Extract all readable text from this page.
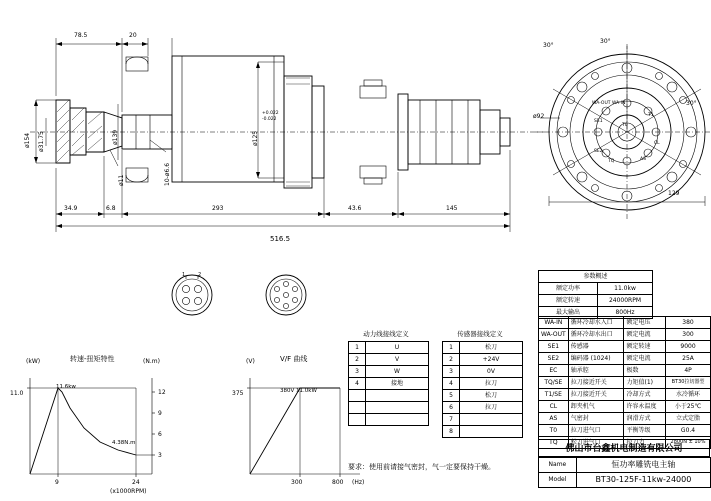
78.5	20
ø154 ø31.75	ø139	ø125
+0.022
-0.022
10-ø6.6
ø11
34.9	6.8	293	43.6	145
516.5
ø92
30°
30°
30°
129
WA-OUT WA-IN
T0
SE1
SE2
T1
CL
AS
TQ
1	2
动力线接线定义
1	U
2	V
3	W
4	接地

传感器接线定义
1	松刀
2	+24V
3	0V
4	拉刀
5	松刀
6	拉刀
7	
8	
参数概述	
额定功率	11.0kw
额定转速	24000RPM
最大输出	800Hz
WA-IN	循环冷却水入口	额定电压	380
WA-OUT	循环冷却水出口	额定电流	300
SE1	传感器	额定转速	9000
SE2	编码器 (1024)	额定电流	25A
EC	轴承腔	极数	4P
TQ/SE	拉刀接近开关	力矩值(1)	BT30拉切器型
T1/SE	拉刀接近开关	冷却方式	水冷循环
CL	卸夹机气	许容永温度	小于25℃
AS	气密封	润滑方式	立式定脂
T0	拉刀进气口	平衡等级	G0.4
TQ	松刀进气口	拉刀力	2800N ± 10%
(kW)	转速-扭矩特性
11.0	12
9
6
3
(N.m)
11.6kw
4.38N.m
9	24
(x1000RPM)
(V)	V/F 曲线
375	380V 11.0kW
300	800 (Hz)
要求：使用前请接气密封，气一定要保持干燥。
佛山市台鑫机电制造有限公司
Name	恒功率雕铣电主轴
Model	BT30-125F-11kw-24000
